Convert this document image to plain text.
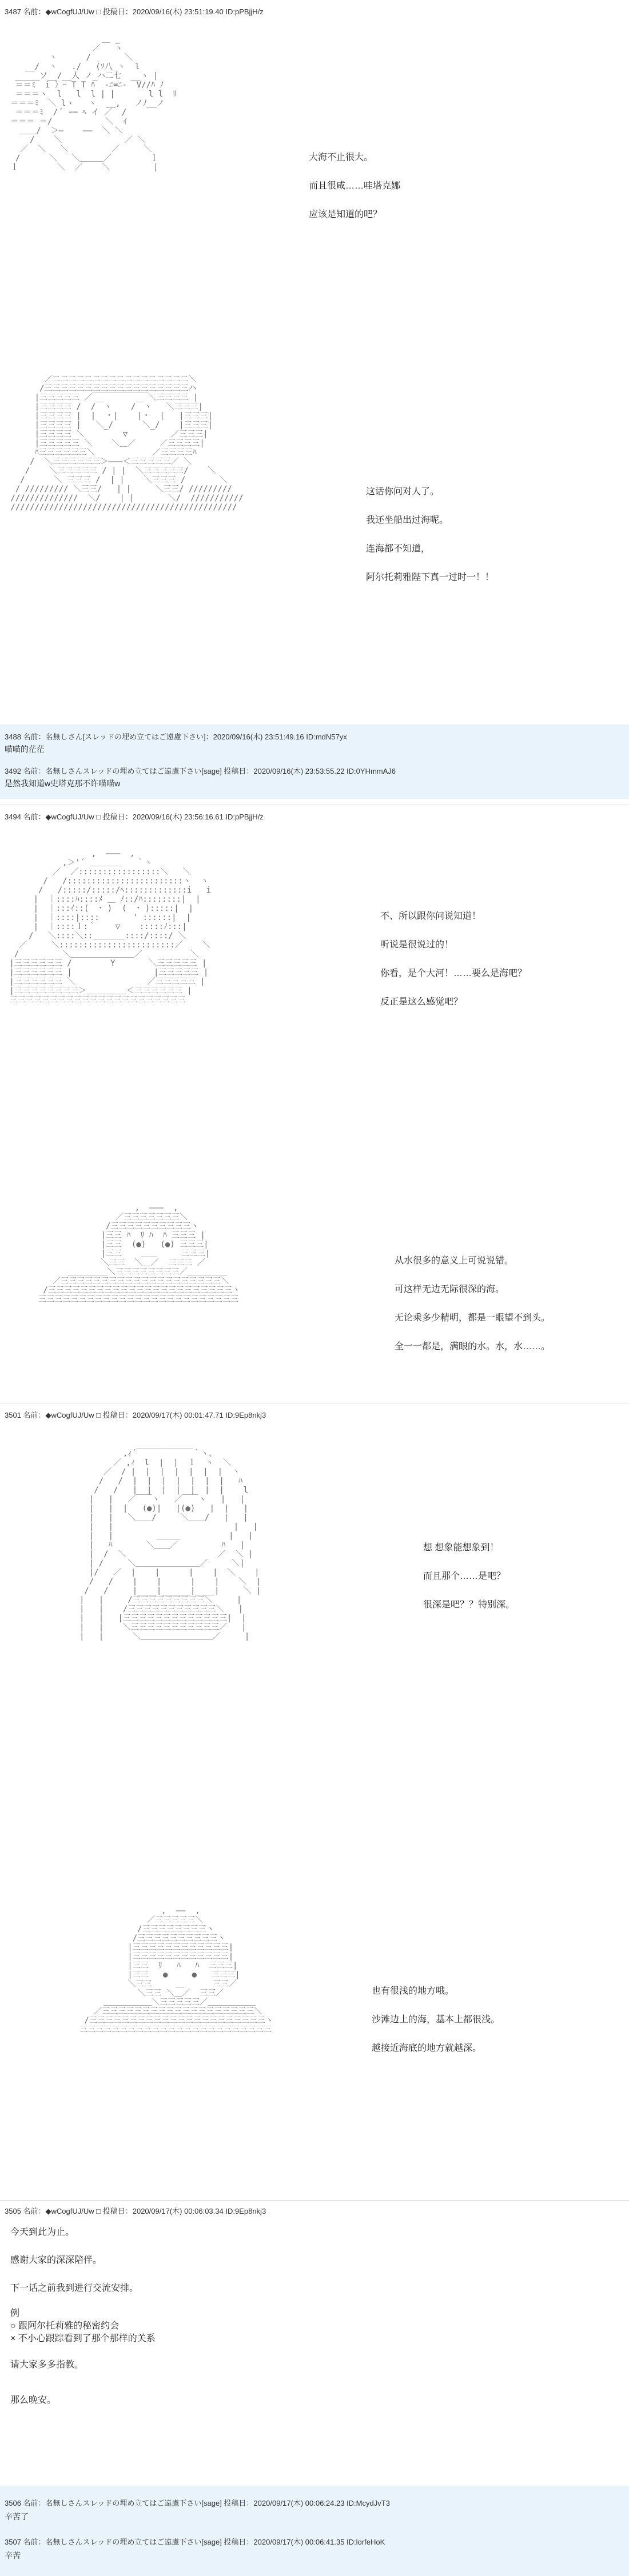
3487 名前：◆wCogfUJ/Uw □ 投稿日：2020/09/16(木) 23:51:19.40 ID:pPBjjH/z

＿ _
／   ヽ
ヽ      /       ＼
__/  ヽ   ./   (ｿ八 ヽ  l
_____ソ__/__人 ノ_ハ二七  __ヽ |
＝＝ﾐ  i ）ｰ T T ﾊ  -ﾆ=ﾆ-  V//ﾊ ﾉ
＝＝＝ヽ  l   l  l | |       l l  ﾘ
＝＝＝ﾐ  ＼ lヽ   ヽ  __,   ノﾉ__ノ
＝＝＝ﾐ  / ﾞ ｰ─ ﾍ イ ／  /
＝＝＝ ＝/           ＼  ｲ
＿＿/  ＞―    ――  ＼ ＼
/    ＼             ／ ＼
／  ＼   ＼         ／     ＼
/      ＼   ＼＿＿＿／        ｌ
ｌ        ＼  ／    ＼         |

大海不止很大。
而且很咸……哇塔克娜
应该是知道的吧？

／二二二二二二二二二二二二二二二二二＼
/三三三三三三三三三三三三三三三三三三ハ
|三三三三三 ／￣￣￣￣￣￣￣＼三三三三 |
|三三三三 /  /￣ヽ    /￣ヽ   ＼三三三|
|三三三三 |  |  ・|    |・  |   |三三三|
|三三三三 |   ＼_/      ＼_/    |三三三|
|三三三三 ＼        ▽         ／三三三|
|三三三三三 ＼    ＼＿／     ／三三三三|
ﾊ三三三三三三＼            ／三三三三ﾊ
/  ＼三三三三三三＞―――＜三三三三三／ ＼
/    ＼三三三三三 / | |  ＼三三三三三/    ＼
/      ＼ 三三三 /  | |    ＼三三三 /       ＼
/ ///////// ＼三三/   | |     ＼三三/ /////////
//////////////  ＼/    | |       ＼/  ///////////
///////////////////////////////////////////////

这话你问对人了。
我还坐船出过海呢。
连海都不知道，
阿尔托莉雅陛下真一过时一！！
3488 名前：名無しさん[スレッドの埋め立てはご遠慮下さい]：2020/09/16(木) 23:51:49.16 ID:mdN57yx
喵喵的茫茫
3492 名前：名無しさんスレッドの埋め立てはご遠慮下さい[sage] 投稿日：2020/09/16(木) 23:53:55.22 ID:0YHmmAJ6
是然我知道w史塔克那不许喵喵w
3494 名前：◆wCogfUJ/Uw □ 投稿日：2020/09/16(木) 23:56:16.61 ID:pPBjjH/z

,  ―――  ,
,＞'´ ＿＿＿＿   ｀ヽ
／  ／:::::::::::::::::＼   ＼
/   /::::::::::::::::::::::::ヽ  ヽ
/   /:::::/:::::/ﾍ:::::::::::::i   i
|  ｜::::ﾊ::::ﾒ ＿ ﾉ::/ﾊ::::::::|  |
|  ｜:::ｲ::(  ･ )  (  ･ ):::::|  |
|  ｜::::|::::       ' ::::::|  |
|  ｜::::ｌ:｀    ▽    :::::ﾉ:::|
/   ＼::::＼::＿＿＿＿::::/::::/ ＼
／     ＼::::::::::::::::::::::::／    ＼
/         ＼＿＿＿＿＿＿＿＿／          ＼
|三三三三三三 /        Y       ＼三三三三三 |
|三三三三三三 |                 |三三三三三 |
|三三三三三三 ＼               ／三三三三三 |
|三三三三三三三三＞＿＿＿＿＿＜三三三三三三 |
三三三三三三三三三三三三三三三三三三三三三三

不、所以跟你问说知道！
听说是很说过的！
你看，是个大河！……要么是海吧？
反正是这么感觉吧？

,  ―――  ,
／三三三三三三三＼
/三三三三三三三三三三ヽ
|三三 ﾊ  ﾘ ﾊ  ﾊ 三三三 |
|三三  (●)   (●) 三三三|
|三三    ＿＿     三三三|
＼三三  ＼＿／  三三三 ／
＿＿＿＿＿＼三三三三三三三三／＿＿＿＿＿
／三三三三三三三三三三三三三三三三三三三三＼
/三三三三三三三三三三三三三三三三三三三三三三三ヽ
三三三三三三三三三三三三三三三三三三三三三三三三三

从水很多的意义上可说说错。
可这样无边无际很深的海。
无论乘多少精明，都是一眼望不到头。
全一一都是，满眼的水。水，水……。
3501 名前：◆wCogfUJ/Uw □ 投稿日：2020/09/17(木) 00:01:47.71 ID:9Ep8nkj3

,ｨ´￣￣￣￣￣￣￣｀ヽ、
／ ,ｨ  l  |  |  ｌ  ヽ  ＼
／  / |  |  |  |  |  |  |  ヽ
/   /  |  |  |  |  |  |  |   ﾊ
/   /   |  |  |  |  |  |  |    l
|   |   ／￣￣ヽ   ／￣￣ヽ   |   |
|   |  |   (●)|   |(●)   |  |   |
|   |   ＼＿＿/     ＼＿＿/   |   |
|   |                         |   |
|   |         ＿＿＿          |   |
|   ﾊ       ＼＿＿／         ﾊ   |
|  /  ＼                   ／  ＼ |
| /     ＼＿＿＿＿＿＿＿＿／     ＼|
|/   ／  |    |      |    |  ＼    |
/   /    |    |      |    |    ＼  |
/   /     |____|______|____|     ＼ |
|   |     /三三三三三三三三三＼     |
|   |    /三三三三三三三三三三三＼   |
|   |   |三三三三三三三三三三三三三|  |
|   |    ＼三三三三三三三三三三三／   |
|   |      ＼＿＿＿＿＿＿＿＿＿／     |

想 想象能想象到！
而且那个……是吧？
很深是吧？？特别深。

,  ――  ,
／三三三三三＼
/三三三三三三三三ヽ
/三三三三三三三三三三ヽ
|三三三三三三三三三三三三|
|三三三三三三三三三三三三|
|三三  ﾘ   ﾊ   ﾊ  三三三|
|三三   ●     ●   三三三|
＼三三     ＿      三三／
＼三三 ＼＿／  三三／
＿＿＿＿＿＿＼三三三三三／＿＿＿＿＿＿
／三三三三三三三三三三三三三三三三三三三＼
/三三三三三三三三三三三三三三三三三三三三三三ヽ
三三三三三三三三三三三三三三三三三三三三三三三三

也有很浅的地方哦。
沙滩边上的海，基本上都很浅。
越接近海底的地方就越深。
3505 名前：◆wCogfUJ/Uw □ 投稿日：2020/09/17(木) 00:06:03.34 ID:9Ep8nkj3
今天到此为止。
感谢大家的深深陪伴。
下一话之前我到进行交流安排。
例
○ 跟阿尔托莉雅的秘密约会
× 不小心跟踪看到了那个那样的关系
请大家多多指教。
那么晚安。
3506 名前：名無しさんスレッドの埋め立てはご遠慮下さい[sage] 投稿日：2020/09/17(木) 00:06:24.23 ID:McydJvT3
辛苦了
3507 名前：名無しさんスレッドの埋め立てはご遠慮下さい[sage] 投稿日：2020/09/17(木) 00:06:41.35 ID:lorfeHoK
辛苦
